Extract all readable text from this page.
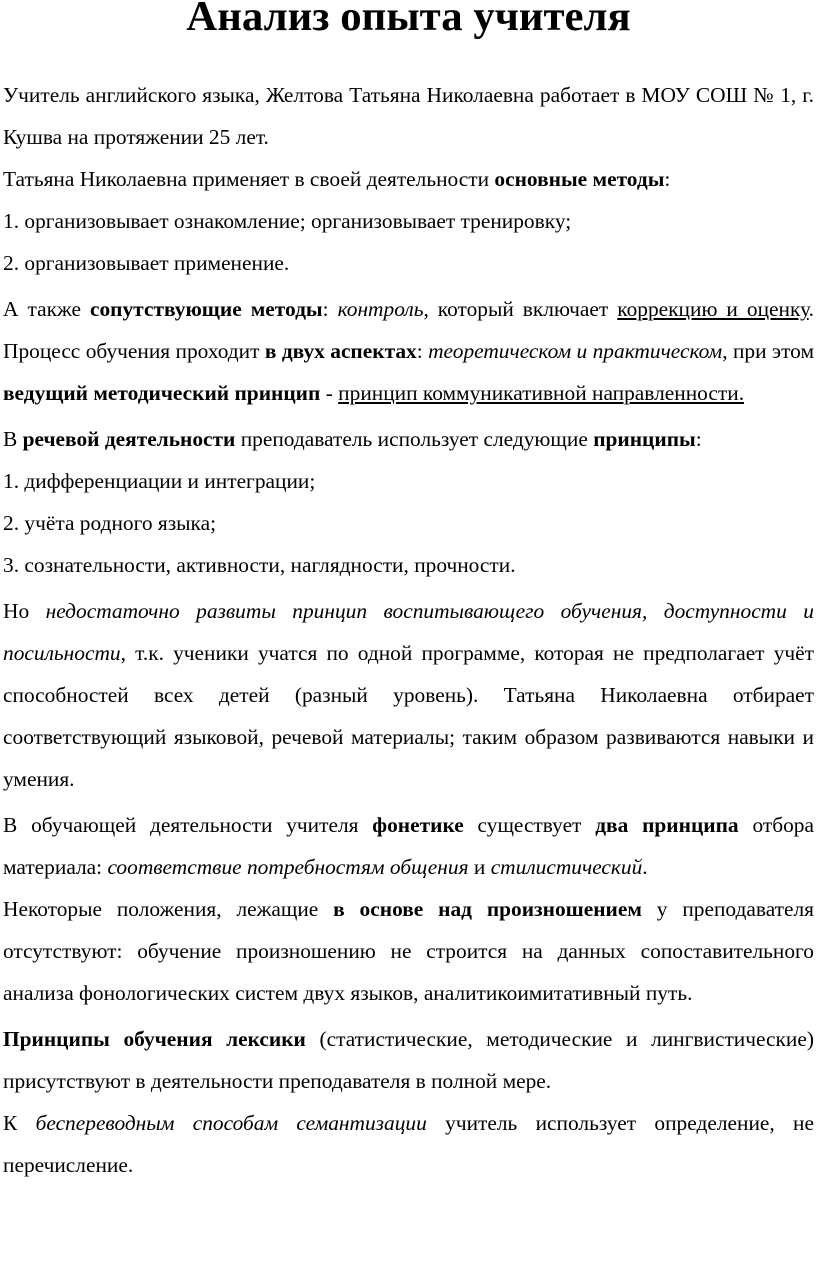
Анализ опыта учителя

Учитель английского языка, Желтова Татьяна Николаевна работает в МОУ СОШ № 1, г. Кушва на протяжении 25 лет.

Татьяна Николаевна применяет в своей деятельности основные методы:

1. организовывает ознакомление; организовывает тренировку;

2. организовывает применение.

А также сопутствующие методы: контроль, который включает коррекцию и оценку. Процесс обучения проходит в двух аспектах: теоретическом и практическом, при этом ведущий методический принцип - принцип коммуникативной направленности.

В речевой деятельности преподаватель использует следующие принципы:

1. дифференциации и интеграции;

2. учёта родного языка;

3. сознательности, активности, наглядности, прочности.

Но недостаточно развиты принцип воспитывающего обучения, доступности и посильности, т.к. ученики учатся по одной программе, которая не предполагает учёт способностей всех детей (разный уровень). Татьяна Николаевна отбирает соответствующий языковой, речевой материалы; таким образом развиваются навыки и умения.

В обучающей деятельности учителя фонетике существует два принципа отбора материала: соответствие потребностям общения и стилистический.

Некоторые положения, лежащие в основе над произношением у преподавателя отсутствуют: обучение произношению не строится на данных сопоставительного анализа фонологических систем двух языков, аналитикоимитативный путь.

Принципы обучения лексики (статистические, методические и лингвистические) присутствуют в деятельности преподавателя в полной мере.

К беспереводным способам семантизации учитель использует определение, не перечисление.
